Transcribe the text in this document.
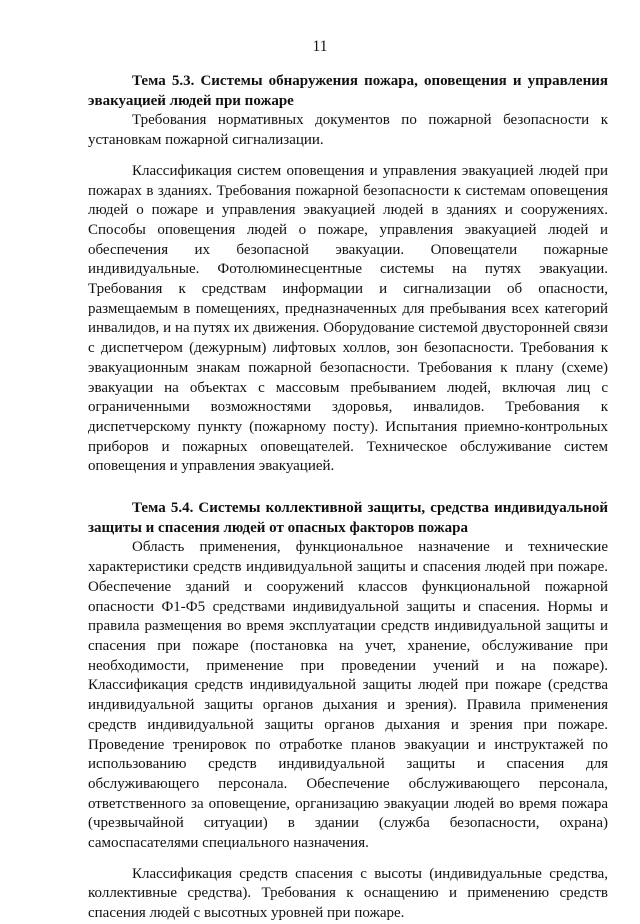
11

Тема 5.3. Системы обнаружения пожара, оповещения и управления эвакуацией людей при пожаре

Требования нормативных документов по пожарной безопасности к установкам пожарной сигнализации.

Классификация систем оповещения и управления эвакуацией людей при пожарах в зданиях. Требования пожарной безопасности к системам оповещения людей о пожаре и управления эвакуацией людей в зданиях и сооружениях. Способы оповещения людей о пожаре, управления эвакуацией людей и обеспечения их безопасной эвакуации. Оповещатели пожарные индивидуальные. Фотолюминесцентные системы на путях эвакуации. Требования к средствам информации и сигнализации об опасности, размещаемым в помещениях, предназначенных для пребывания всех категорий инвалидов, и на путях их движения. Оборудование системой двусторонней связи с диспетчером (дежурным) лифтовых холлов, зон безопасности. Требования к эвакуационным знакам пожарной безопасности. Требования к плану (схеме) эвакуации на объектах с массовым пребыванием людей, включая лиц с ограниченными возможностями здоровья, инвалидов. Требования к диспетчерскому пункту (пожарному посту). Испытания приемно-контрольных приборов и пожарных оповещателей. Техническое обслуживание систем оповещения и управления эвакуацией.

Тема 5.4. Системы коллективной защиты, средства индивидуальной защиты и спасения людей от опасных факторов пожара

Область применения, функциональное назначение и технические характеристики средств индивидуальной защиты и спасения людей при пожаре. Обеспечение зданий и сооружений классов функциональной пожарной опасности Ф1-Ф5 средствами индивидуальной защиты и спасения. Нормы и правила размещения во время эксплуатации средств индивидуальной защиты и спасения при пожаре (постановка на учет, хранение, обслуживание при необходимости, применение при проведении учений и на пожаре). Классификация средств индивидуальной защиты людей при пожаре (средства индивидуальной защиты органов дыхания и зрения). Правила применения средств индивидуальной защиты органов дыхания и зрения при пожаре. Проведение тренировок по отработке планов эвакуации и инструктажей по использованию средств индивидуальной защиты и спасения для обслуживающего персонала. Обеспечение обслуживающего персонала, ответственного за оповещение, организацию эвакуации людей во время пожара (чрезвычайной ситуации) в здании (служба безопасности, охрана) самоспасателями специального назначения.

Классификация средств спасения с высоты (индивидуальные средства, коллективные средства). Требования к оснащению и применению средств спасения людей с высотных уровней при пожаре.
